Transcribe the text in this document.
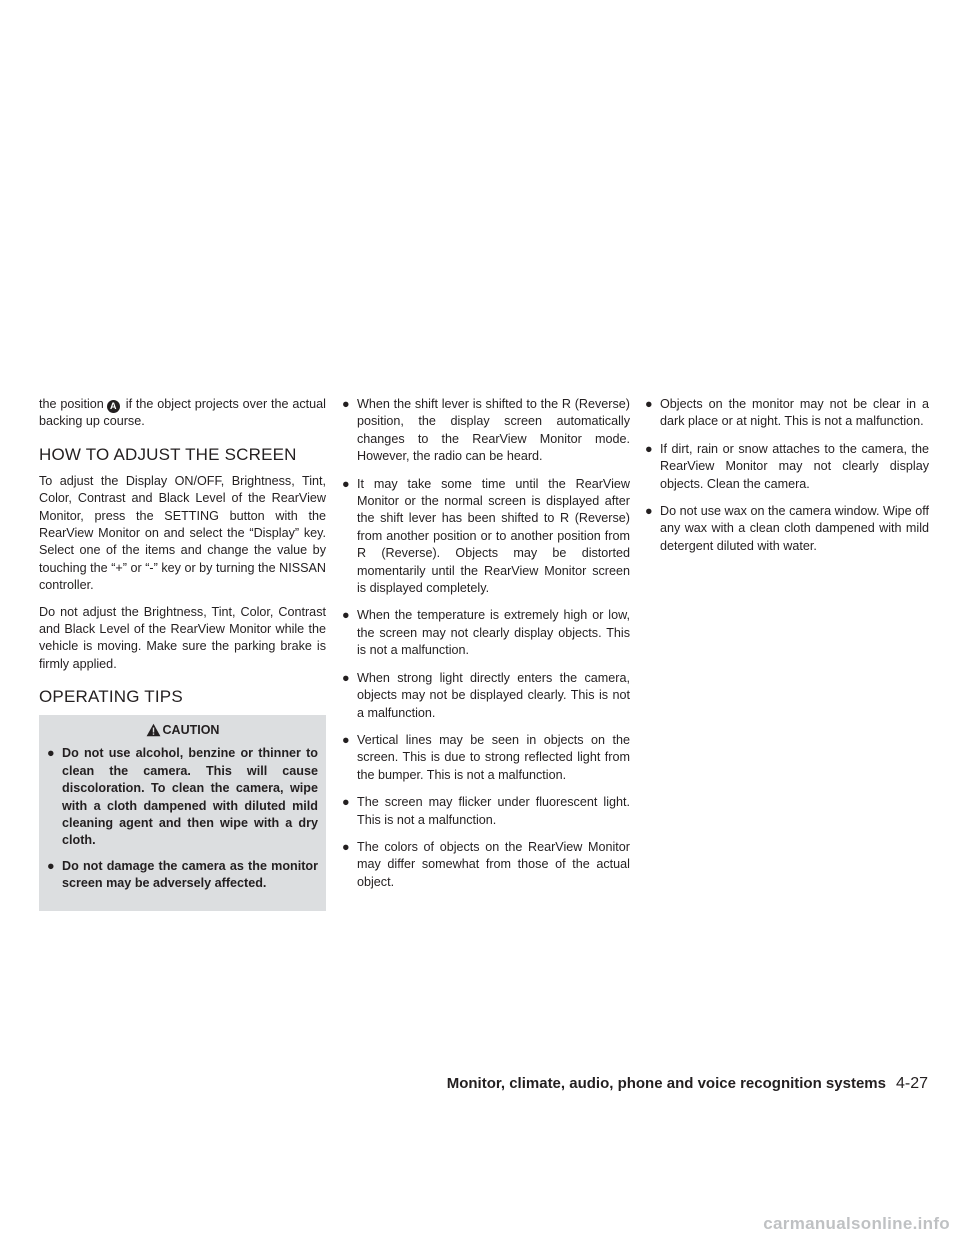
the position A if the object projects over the actual backing up course.

HOW TO ADJUST THE SCREEN

To adjust the Display ON/OFF, Brightness, Tint, Color, Contrast and Black Level of the RearView Monitor, press the SETTING button with the RearView Monitor on and select the “Display” key. Select one of the items and change the value by touching the “+” or “-” key or by turning the NISSAN controller.

Do not adjust the Brightness, Tint, Color, Contrast and Black Level of the RearView Monitor while the vehicle is moving. Make sure the parking brake is firmly applied.

OPERATING TIPS
CAUTION
● Do not use alcohol, benzine or thinner to clean the camera. This will cause discoloration. To clean the camera, wipe with a cloth dampened with diluted mild cleaning agent and then wipe with a dry cloth.

● Do not damage the camera as the monitor screen may be adversely affected.

● When the shift lever is shifted to the R (Reverse) position, the display screen automatically changes to the RearView Monitor mode. However, the radio can be heard.

● It may take some time until the RearView Monitor or the normal screen is displayed after the shift lever has been shifted to R (Reverse) from another position or to another position from R (Reverse). Objects may be distorted momentarily until the RearView Monitor screen is displayed completely.

● When the temperature is extremely high or low, the screen may not clearly display objects. This is not a malfunction.

● When strong light directly enters the camera, objects may not be displayed clearly. This is not a malfunction.

● Vertical lines may be seen in objects on the screen. This is due to strong reflected light from the bumper. This is not a malfunction.

● The screen may flicker under fluorescent light. This is not a malfunction.

● The colors of objects on the RearView Monitor may differ somewhat from those of the actual object.

● Objects on the monitor may not be clear in a dark place or at night. This is not a malfunction.

● If dirt, rain or snow attaches to the camera, the RearView Monitor may not clearly display objects. Clean the camera.

● Do not use wax on the camera window. Wipe off any wax with a clean cloth dampened with mild detergent diluted with water.

Monitor, climate, audio, phone and voice recognition systems 4-27
carmanualsonline.info
